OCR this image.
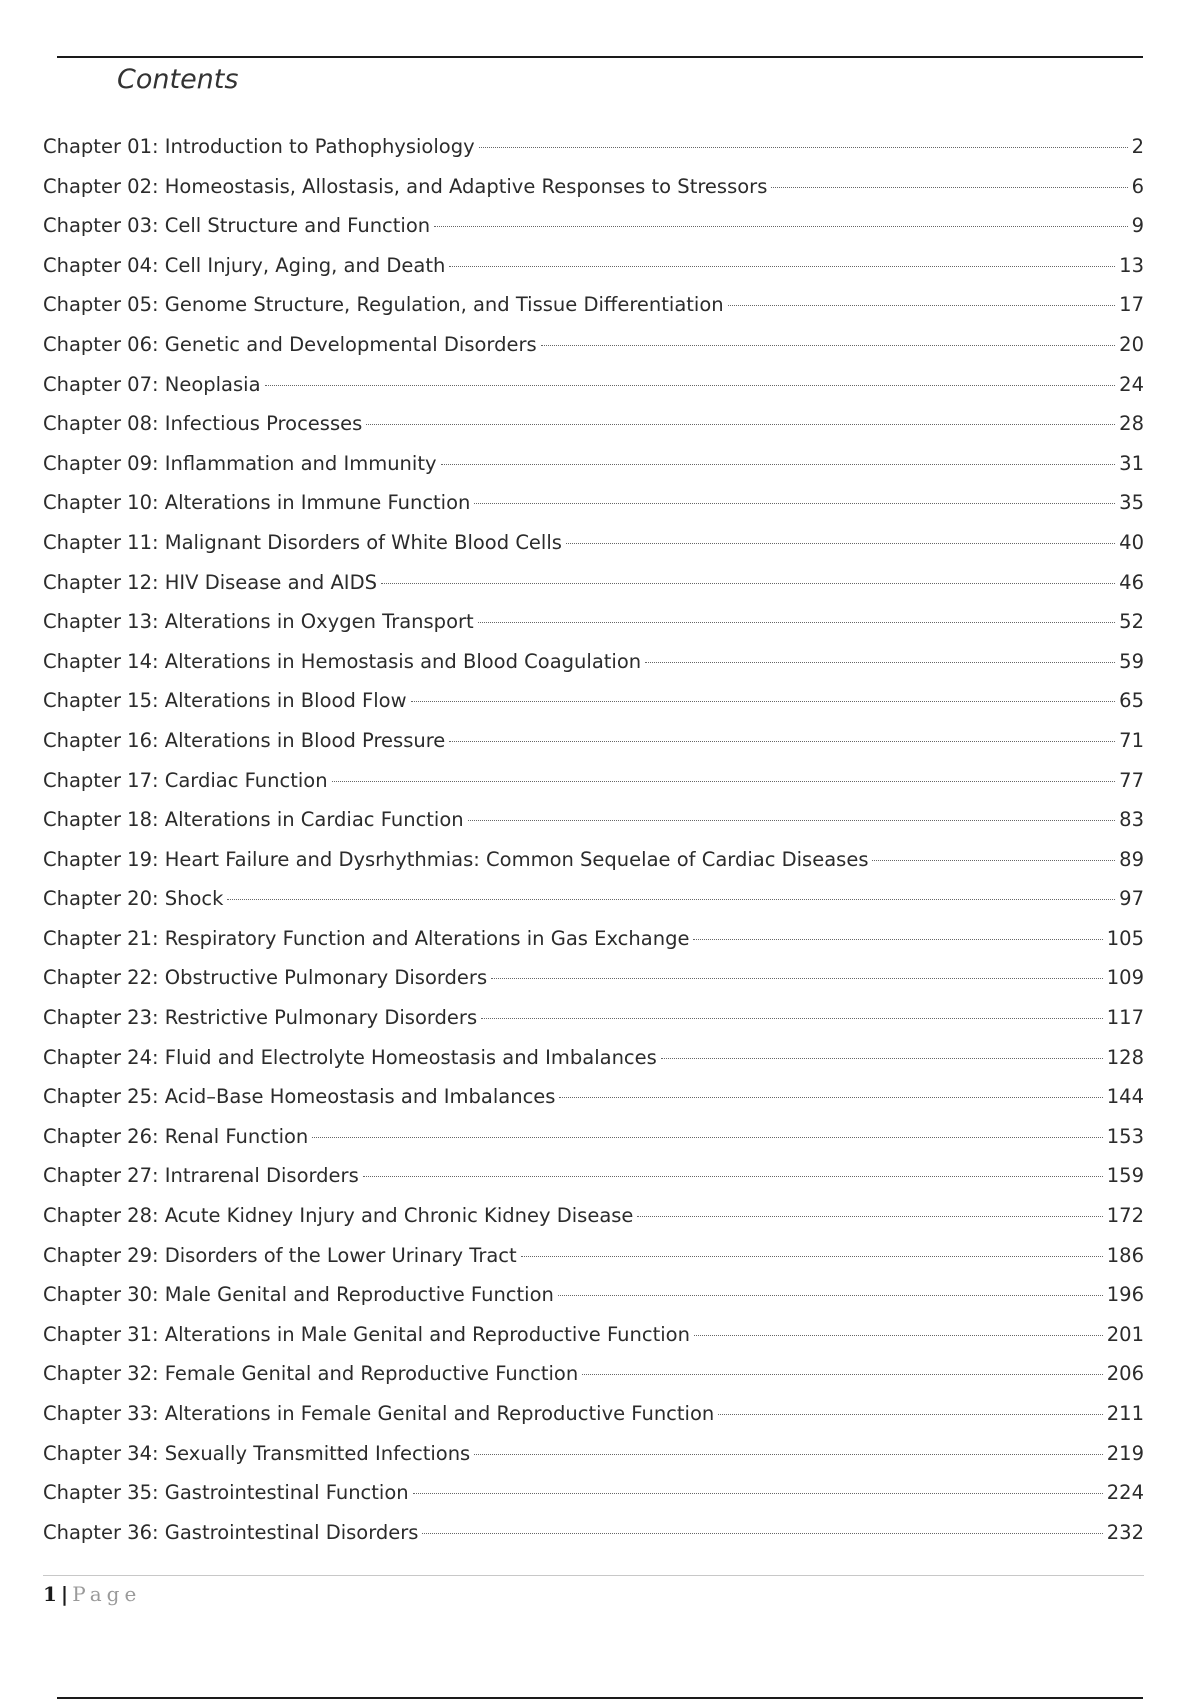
Contents
Chapter 01: Introduction to Pathophysiology	2
Chapter 02: Homeostasis, Allostasis, and Adaptive Responses to Stressors	6
Chapter 03: Cell Structure and Function	9
Chapter 04: Cell Injury, Aging, and Death	13
Chapter 05: Genome Structure, Regulation, and Tissue Differentiation	17
Chapter 06: Genetic and Developmental Disorders	20
Chapter 07: Neoplasia	24
Chapter 08: Infectious Processes	28
Chapter 09: Inflammation and Immunity	31
Chapter 10: Alterations in Immune Function	35
Chapter 11: Malignant Disorders of White Blood Cells	40
Chapter 12: HIV Disease and AIDS	46
Chapter 13: Alterations in Oxygen Transport	52
Chapter 14: Alterations in Hemostasis and Blood Coagulation	59
Chapter 15: Alterations in Blood Flow	65
Chapter 16: Alterations in Blood Pressure	71
Chapter 17: Cardiac Function	77
Chapter 18: Alterations in Cardiac Function	83
Chapter 19: Heart Failure and Dysrhythmias: Common Sequelae of Cardiac Diseases	89
Chapter 20: Shock	97
Chapter 21: Respiratory Function and Alterations in Gas Exchange	105
Chapter 22: Obstructive Pulmonary Disorders	109
Chapter 23: Restrictive Pulmonary Disorders	117
Chapter 24: Fluid and Electrolyte Homeostasis and Imbalances	128
Chapter 25: Acid–Base Homeostasis and Imbalances	144
Chapter 26: Renal Function	153
Chapter 27: Intrarenal Disorders	159
Chapter 28: Acute Kidney Injury and Chronic Kidney Disease	172
Chapter 29: Disorders of the Lower Urinary Tract	186
Chapter 30: Male Genital and Reproductive Function	196
Chapter 31: Alterations in Male Genital and Reproductive Function	201
Chapter 32: Female Genital and Reproductive Function	206
Chapter 33: Alterations in Female Genital and Reproductive Function	211
Chapter 34: Sexually Transmitted Infections	219
Chapter 35: Gastrointestinal Function	224
Chapter 36: Gastrointestinal Disorders	232
1 | Page
